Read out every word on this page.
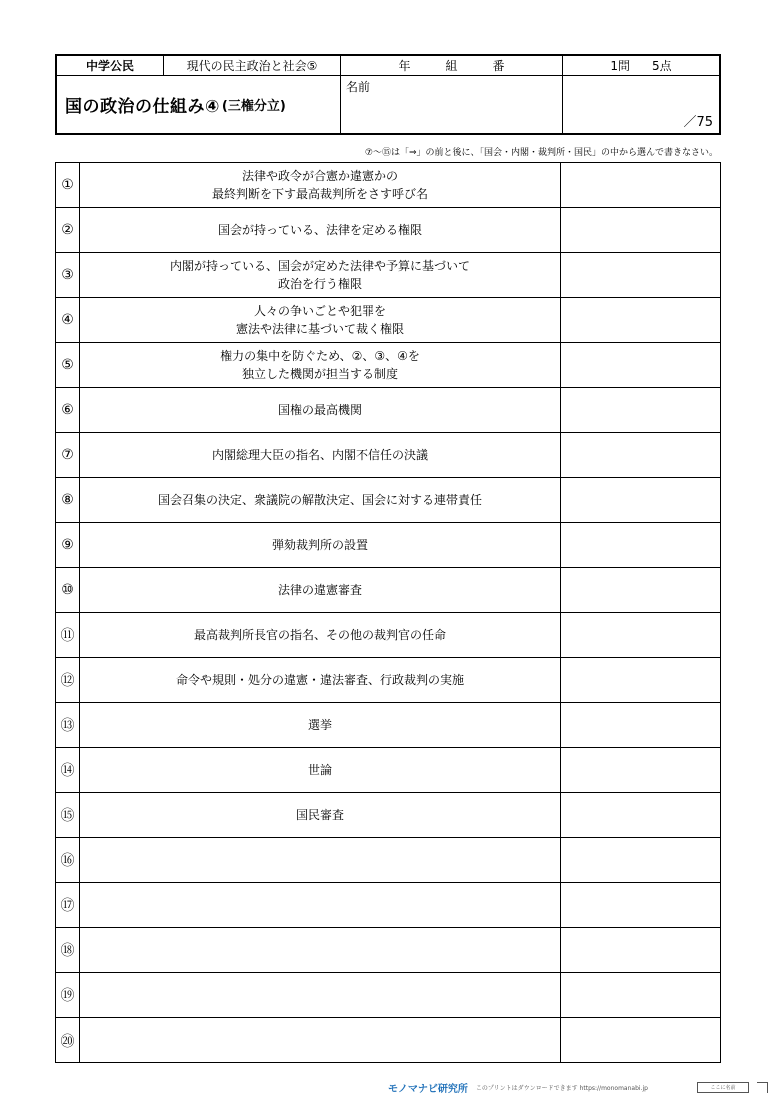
中学公民	現代の民主政治と社会⑤	年	組	番	1問 5点
国の政治の仕組み④ (三権分立)
名前
／75
⑦〜⑮は「⇒」の前と後に、「国会・内閣・裁判所・国民」の中から選んで書きなさい。
①
法律や政令が合憲か違憲かの
最終判断を下す最高裁判所をさす呼び名
②	国会が持っている、法律を定める権限
③
内閣が持っている、国会が定めた法律や予算に基づいて
政治を行う権限
④
人々の争いごとや犯罪を
憲法や法律に基づいて裁く権限
⑤
権力の集中を防ぐため、②、③、④を
独立した機関が担当する制度
⑥	国権の最高機関
⑦	内閣総理大臣の指名、内閣不信任の決議
⑧	国会召集の決定、衆議院の解散決定、国会に対する連帯責任
⑨	弾劾裁判所の設置
⑩	法律の違憲審査
⑪	最高裁判所長官の指名、その他の裁判官の任命
⑫	命令や規則・処分の違憲・違法審査、行政裁判の実施
⑬	選挙
⑭	世論
⑮	国民審査
⑯
⑰
⑱
⑲
⑳
モノマナビ研究所 このプリントはダウンロードできます https://monomanabi.jp	ここに名前
